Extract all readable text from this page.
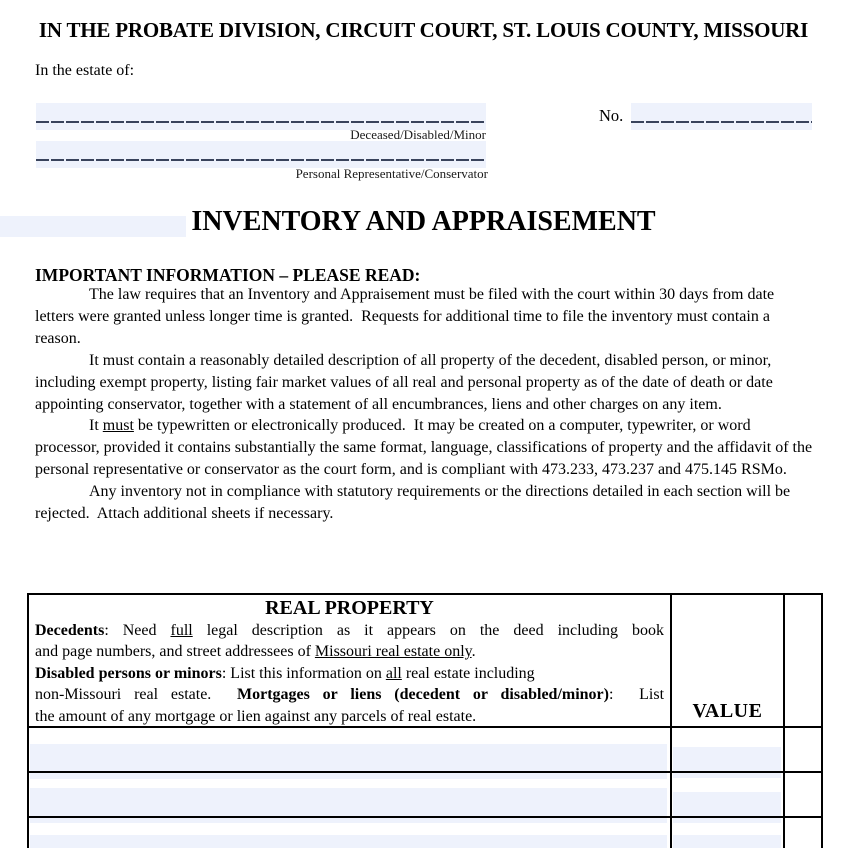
IN THE PROBATE DIVISION, CIRCUIT COURT, ST. LOUIS COUNTY, MISSOURI
In the estate of:
Deceased/Disabled/Minor
No.
Personal Representative/Conservator
INVENTORY AND APPRAISEMENT
IMPORTANT INFORMATION – PLEASE READ:

The law requires that an Inventory and Appraisement must be filed with the court within 30 days from date letters were granted unless longer time is granted.  Requests for additional time to file the inventory must contain a reason.

It must contain a reasonably detailed description of all property of the decedent, disabled person, or minor, including exempt property, listing fair market values of all real and personal property as of the date of death or date appointing conservator, together with a statement of all encumbrances, liens and other charges on any item.

It must be typewritten or electronically produced.  It may be created on a computer, typewriter, or word processor, provided it contains substantially the same format, language, classifications of property and the affidavit of the personal representative or conservator as the court form, and is compliant with 473.233, 473.237 and 475.145 RSMo.

Any inventory not in compliance with statutory requirements or the directions detailed in each section will be rejected.  Attach additional sheets if necessary.

REAL PROPERTY
Decedents: Need full legal description as it appears on the deed including book
and page numbers, and street addressees of Missouri real estate only.
Disabled persons or minors: List this information on all real estate including
non-Missouri real estate.  Mortgages or liens (decedent or disabled/minor):  List
the amount of any mortgage or lien against any parcels of real estate.	VALUE
